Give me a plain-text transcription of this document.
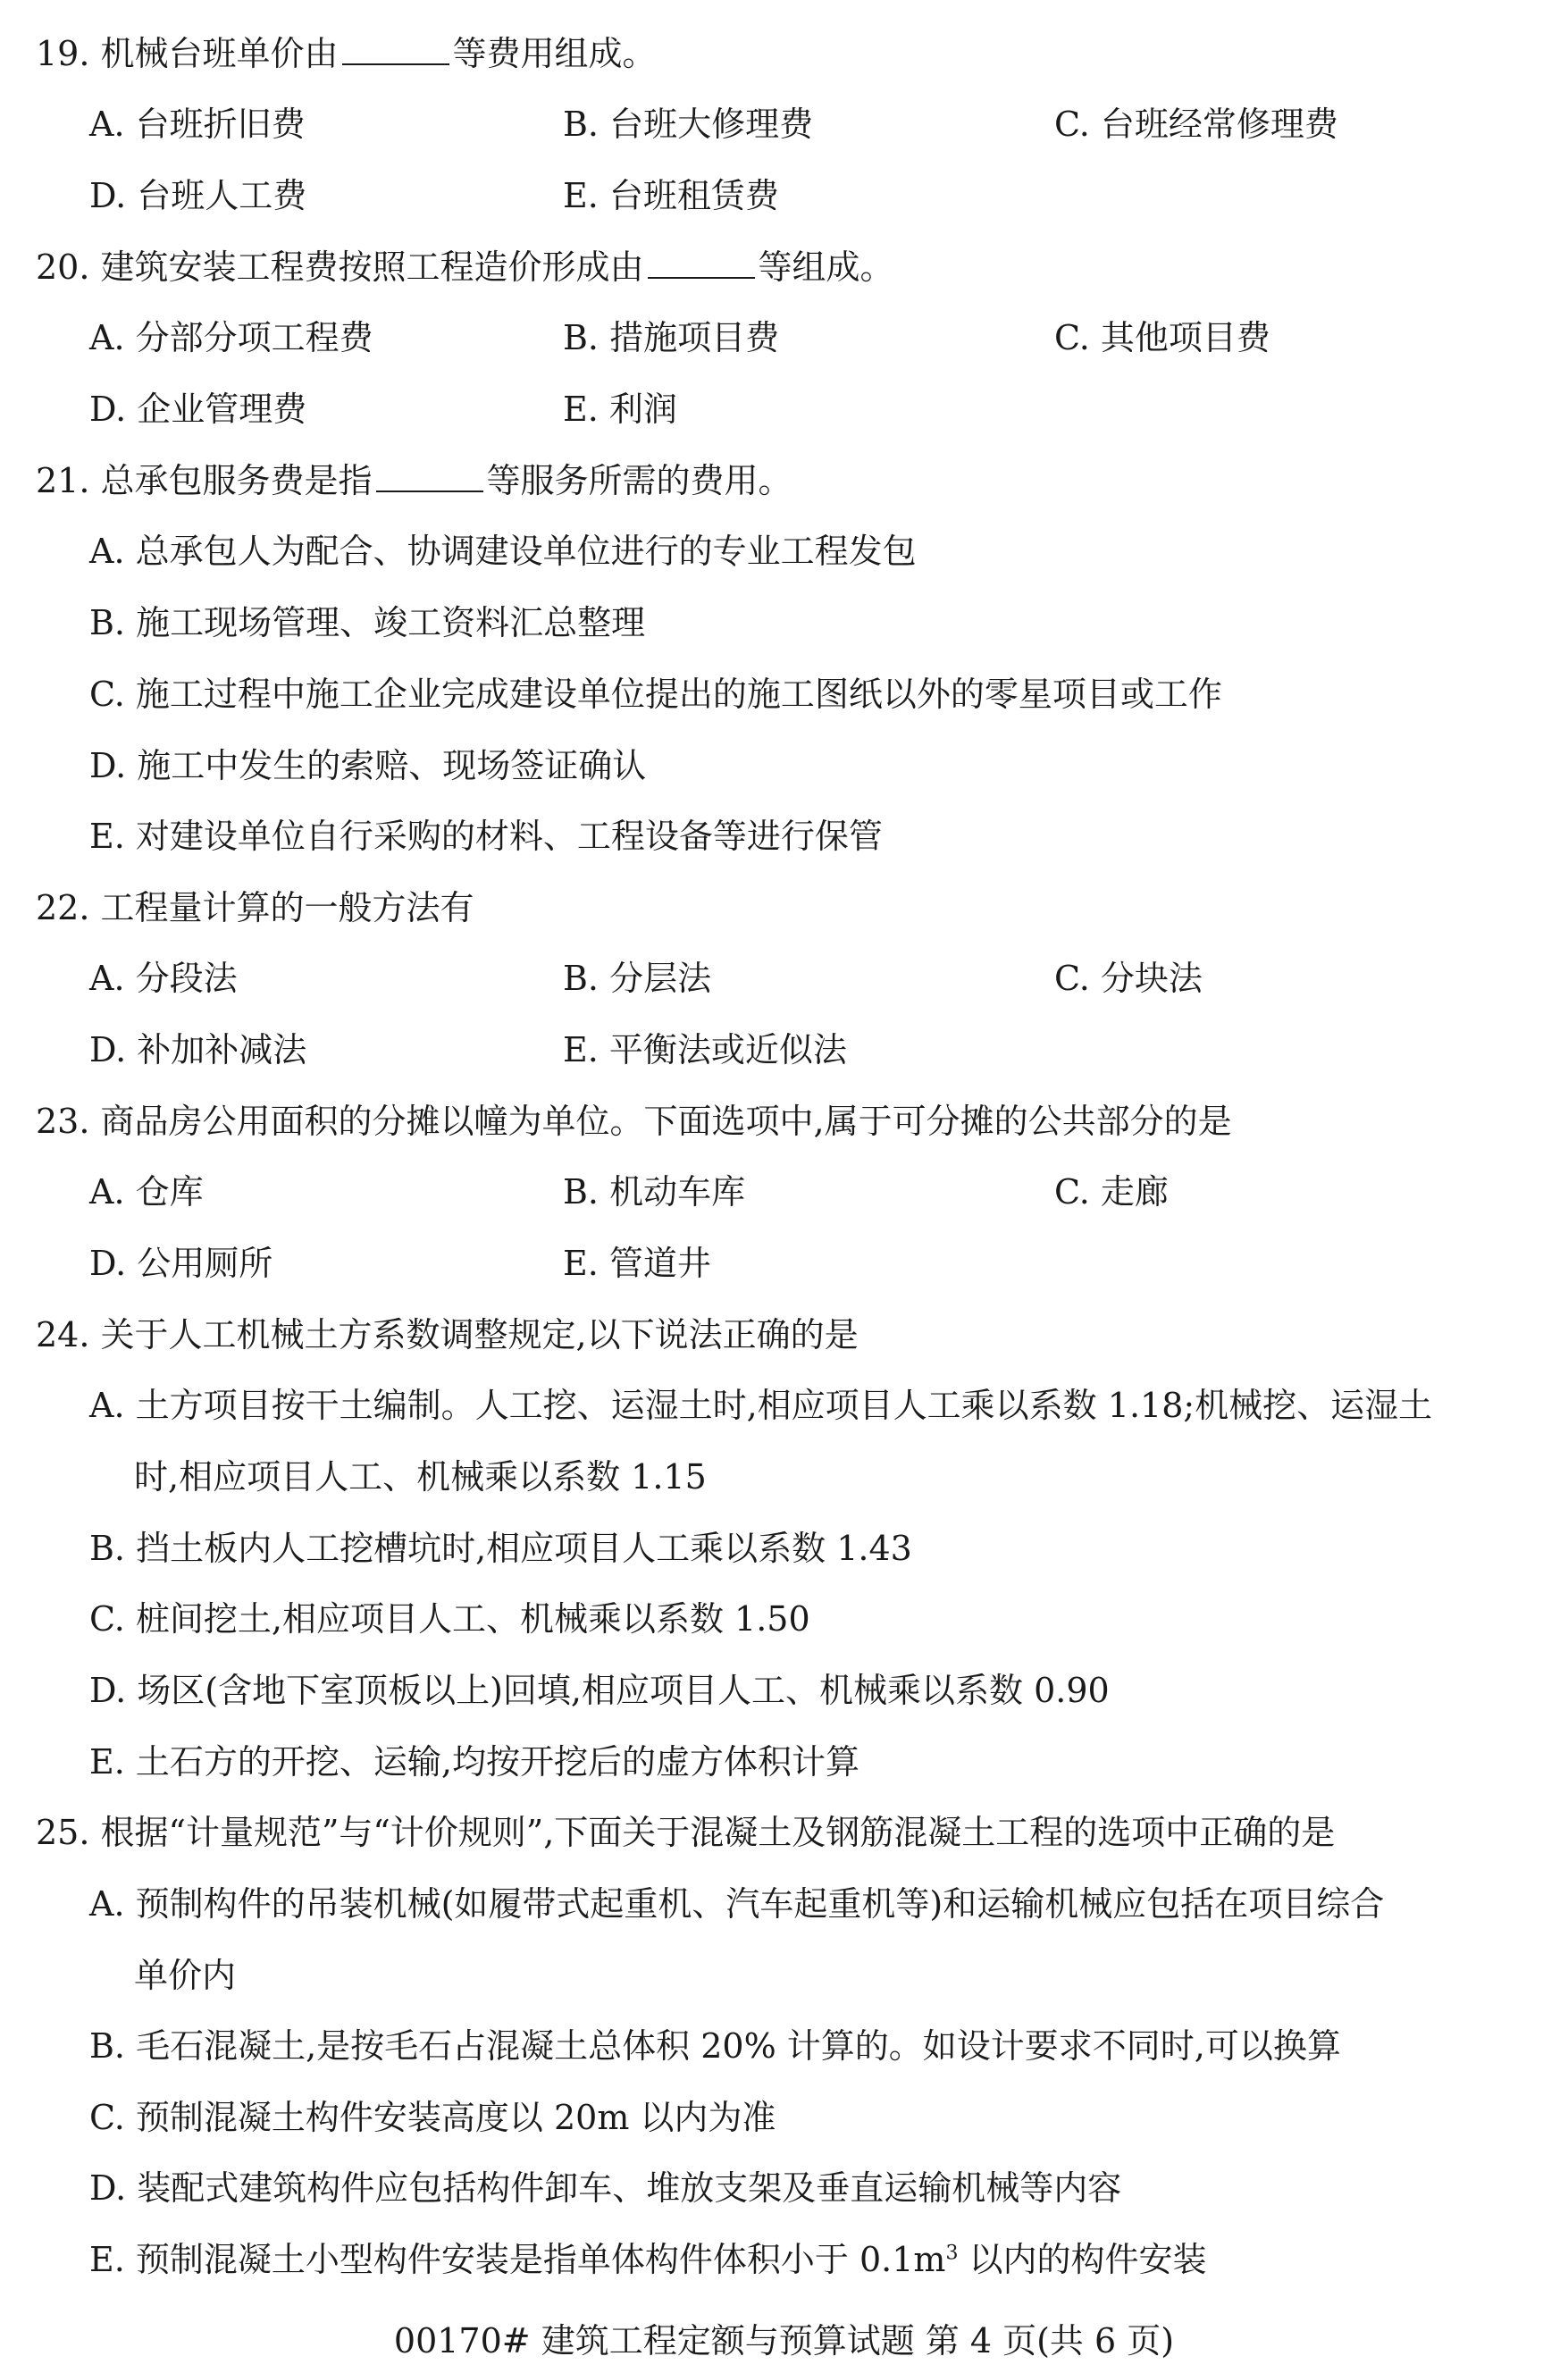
19. 机械台班单价由	等费用组成。
A. 台班折旧费	B. 台班大修理费	C. 台班经常修理费
D. 台班人工费	E. 台班租赁费
20. 建筑安装工程费按照工程造价形成由	等组成。
A. 分部分项工程费	B. 措施项目费	C. 其他项目费
D. 企业管理费	E. 利润
21. 总承包服务费是指	等服务所需的费用。
A. 总承包人为配合、协调建设单位进行的专业工程发包
B. 施工现场管理、竣工资料汇总整理
C. 施工过程中施工企业完成建设单位提出的施工图纸以外的零星项目或工作
D. 施工中发生的索赔、现场签证确认
E. 对建设单位自行采购的材料、工程设备等进行保管
22. 工程量计算的一般方法有
A. 分段法	B. 分层法	C. 分块法
D. 补加补减法	E. 平衡法或近似法
23. 商品房公用面积的分摊以幢为单位。下面选项中,属于可分摊的公共部分的是
A. 仓库	B. 机动车库	C. 走廊
D. 公用厕所	E. 管道井
24. 关于人工机械土方系数调整规定,以下说法正确的是
A. 土方项目按干土编制。人工挖、运湿土时,相应项目人工乘以系数 1.18;机械挖、运湿土
时,相应项目人工、机械乘以系数 1.15
B. 挡土板内人工挖槽坑时,相应项目人工乘以系数 1.43
C. 桩间挖土,相应项目人工、机械乘以系数 1.50
D. 场区(含地下室顶板以上)回填,相应项目人工、机械乘以系数 0.90
E. 土石方的开挖、运输,均按开挖后的虚方体积计算
25. 根据“计量规范”与“计价规则”,下面关于混凝土及钢筋混凝土工程的选项中正确的是
A. 预制构件的吊装机械(如履带式起重机、汽车起重机等)和运输机械应包括在项目综合
单价内
B. 毛石混凝土,是按毛石占混凝土总体积 20% 计算的。如设计要求不同时,可以换算
C. 预制混凝土构件安装高度以 20m 以内为准
D. 装配式建筑构件应包括构件卸车、堆放支架及垂直运输机械等内容
E. 预制混凝土小型构件安装是指单体构件体积小于 $0.1m^3$ 以内的构件安装
00170# 建筑工程定额与预算试题 第 4 页(共 6 页)
